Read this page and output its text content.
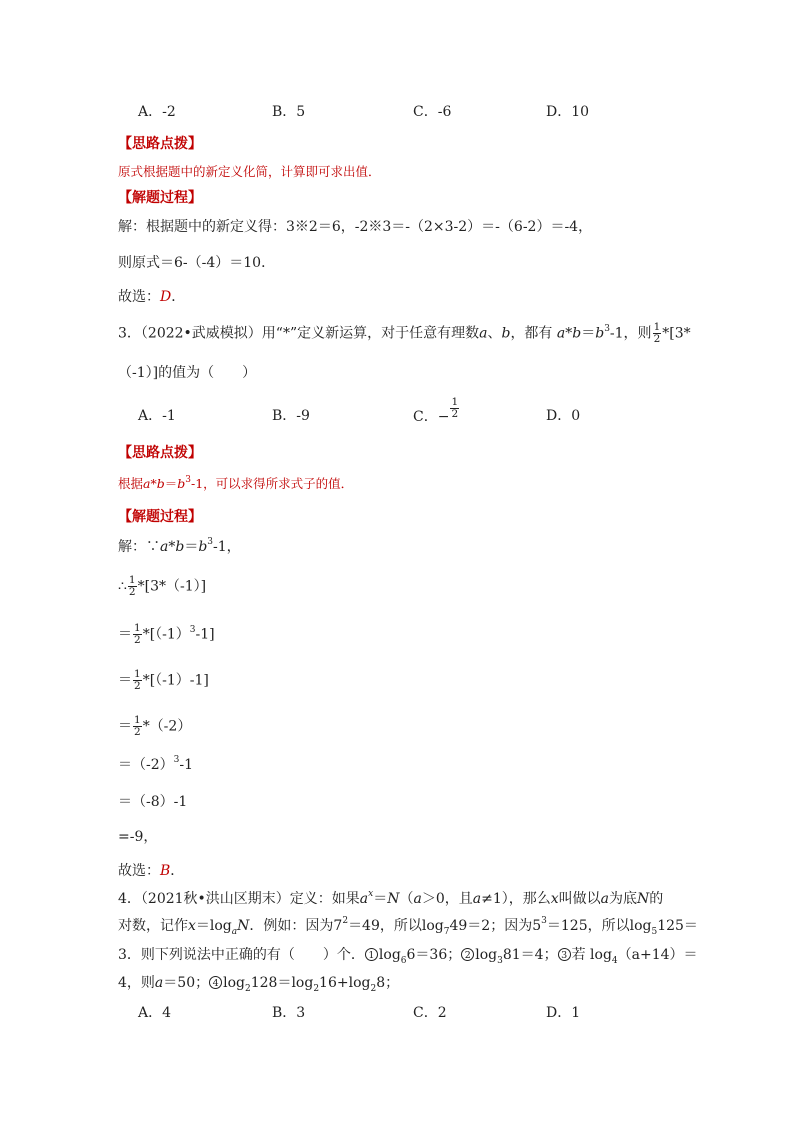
A．-2	B．5	C．-6	D．10
【思路点拨】
原式根据题中的新定义化简，计算即可求出值．
【解题过程】
解：根据题中的新定义得：3※2＝6，-2※3＝-（2×3-2）＝-（6-2）＝-4，
则原式＝6-（-4）＝10．
故选：D．
3．（2022•武威模拟）用“*”定义新运算，对于任意有理数a、b，都有 $a*b=b^3-1$，则 $\frac{1}{2} *[3*$
（-1）]的值为（　　）
A．-1	B．-9	C．− $\frac{1}{2}$	D．0
【思路点拨】
根据$a*b=b^3-1$，可以求得所求式子的值．
【解题过程】
解：$\because a*b=b^3-1$，
∴ $\frac{1}{2} *[3*(-1)]$
＝ $\frac{1}{2} *[(-1)^3-1]$
＝ $\frac{1}{2} *[(-1)-1]$
＝ $\frac{1}{2} *(-2)$
$=(-2)^3-1$
＝（-8）-1
=-9，
故选：B．
4．（2021秋•洪山区期末）定义：如果$a^x=N(a>0$，且a≠1），那么x叫做以a为底N的
对数，记作$x=\log_aN$．例如：因为$7^2=49$，所以$\log_749=2$；因为$5^3=125$，所以$\log_5125=$
3．则下列说法中正确的有（　　）个． 1 $\log_66=36$； 2 $\log_381=4$； 3 若 $\log_4(a+14)=$
4，则a＝50； 4 $\log_2128=\log_216+\log_28$；
A．4	B．3	C．2	D．1
